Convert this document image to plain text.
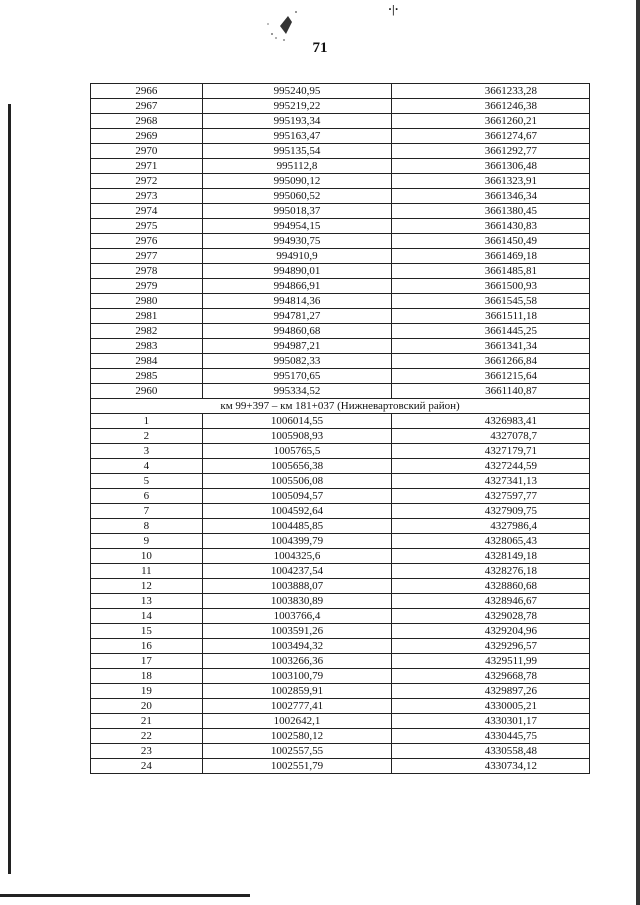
·|·
71
2966	995240,95	3661233,28
2967	995219,22	3661246,38
2968	995193,34	3661260,21
2969	995163,47	3661274,67
2970	995135,54	3661292,77
2971	995112,8	3661306,48
2972	995090,12	3661323,91
2973	995060,52	3661346,34
2974	995018,37	3661380,45
2975	994954,15	3661430,83
2976	994930,75	3661450,49
2977	994910,9	3661469,18
2978	994890,01	3661485,81
2979	994866,91	3661500,93
2980	994814,36	3661545,58
2981	994781,27	3661511,18
2982	994860,68	3661445,25
2983	994987,21	3661341,34
2984	995082,33	3661266,84
2985	995170,65	3661215,64
2960	995334,52	3661140,87
км 99+397 – км 181+037 (Нижневартовский район)		
1	1006014,55	4326983,41
2	1005908,93	4327078,7
3	1005765,5	4327179,71
4	1005656,38	4327244,59
5	1005506,08	4327341,13
6	1005094,57	4327597,77
7	1004592,64	4327909,75
8	1004485,85	4327986,4
9	1004399,79	4328065,43
10	1004325,6	4328149,18
11	1004237,54	4328276,18
12	1003888,07	4328860,68
13	1003830,89	4328946,67
14	1003766,4	4329028,78
15	1003591,26	4329204,96
16	1003494,32	4329296,57
17	1003266,36	4329511,99
18	1003100,79	4329668,78
19	1002859,91	4329897,26
20	1002777,41	4330005,21
21	1002642,1	4330301,17
22	1002580,12	4330445,75
23	1002557,55	4330558,48
24	1002551,79	4330734,12
